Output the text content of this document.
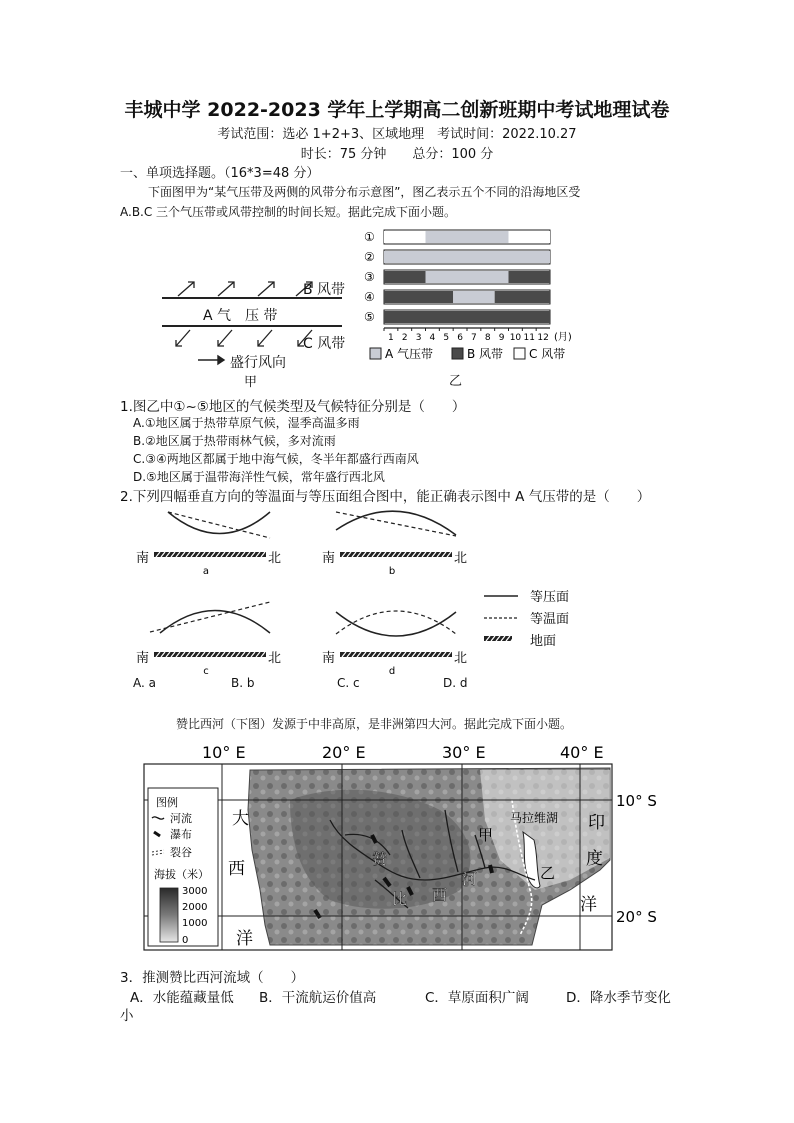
丰城中学 2022-2023 学年上学期高二创新班期中考试地理试卷
考试范围：选必 1+2+3、区域地理　考试时间：2022.10.27
时长：75 分钟　　总分：100 分
一、单项选择题。（16*3=48 分）
下面图甲为“某气压带及两侧的风带分布示意图”，图乙表示五个不同的沿海地区受
A.B.C 三个气压带或风带控制的时间长短。据此完成下面小题。
B 风带
A 气　压 带
C 风带
盛行风向
甲
①
②
③
④
⑤
1 2 3 4 5 6 7 8 9 10 11 12 (月)
A 气压带	B 风带 C 风带
乙
1.图乙中①~⑤地区的气候类型及气候特征分别是（　　）
A.①地区属于热带草原气候，湿季高温多雨
B.②地区属于热带雨林气候，多对流雨
C.③④两地区都属于地中海气候，冬半年都盛行西南风
D.⑤地区属于温带海洋性气候，常年盛行西北风
2.下列四幅垂直方向的等温面与等压面组合图中，能正确表示图中 A 气压带的是（　　）
南	北
a
南	北
b
南	北
c
南	北
d
等压面
等温面
地面
A. a	B. b	C. c	D. d
赞比西河（下图）发源于中非高原，是非洲第四大河。据此完成下面小题。
10° E	20° E	30° E	40° E
10° S
20° S
图例
河流
瀑布
裂谷
海拔（米）
3000
2000
1000
0
大
西
洋
印
度
洋
赞
比 西
河
甲
乙
马拉维湖
3．推测赞比西河流域（　　）
A．水能蕴藏量低 B．干流航运价值高	C．草原面积广阔	D．降水季节变化
小
